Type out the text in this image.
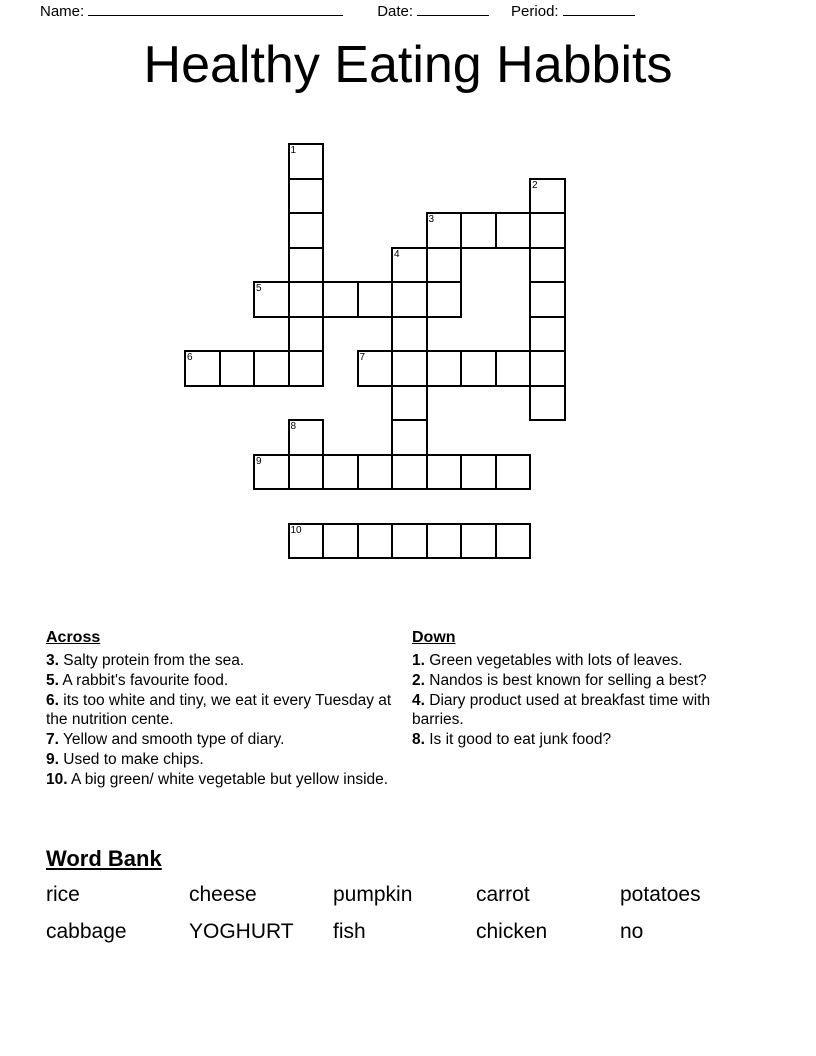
Name:	Date:	Period:
Healthy Eating Habbits
1
2
3
4
5
6	7
8
9
10
Across
3. Salty protein from the sea.
5. A rabbit's favourite food.
6. its too white and tiny, we eat it every Tuesday at the nutrition cente.
7. Yellow and smooth type of diary.
9. Used to make chips.
10. A big green/ white vegetable but yellow inside.
Down
1. Green vegetables with lots of leaves.
2. Nandos is best known for selling a best?
4. Diary product used at breakfast time with barries.
8. Is it good to eat junk food?
Word Bank
rice	cheese	pumpkin	carrot	potatoes
cabbage	YOGHURT	fish	chicken	no
